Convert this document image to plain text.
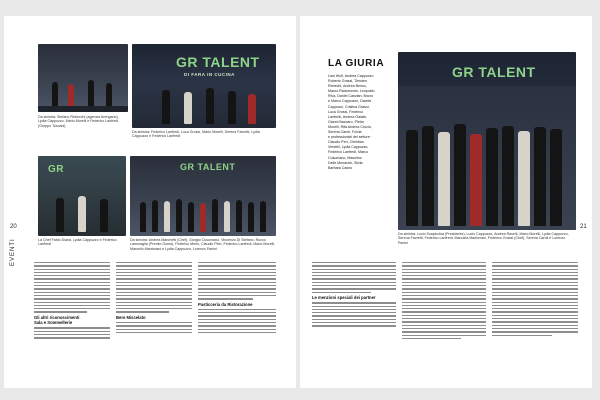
Da sinistra: Stefano Rebecchi (agenzia Arengario), Lydia Cappuzzo, Mario Morelli e Federico Lanfredi (Gruppo Toscani)
GR TALENT
DI FARA IN CUCINA
Da sinistra: Federico Lanfredi, Luca Grossi, Mario Morelli, Serena Favretti, Lydia Cappuzzo e Federico Lanfredi
GR
La Chef Fabio Diana, Lydia Cappuzzo e Federico Lanfredi
GR TALENT
Da sinistra: Andrea Marchetti (Chef), Giorgio Cusumano, Vincenzo Di Stefano, Rocco Lamuraglia (Premio Guest), Federico Merlo, Claudio Pieri, Federico Lanfredi, Mario Morelli, Marcello Mantovani e Lydia Cappuzzo, Lorenzo Panini
20
EVENTI
Gli altri riconoscimenti
Sala e Sommellerie
Bere Miscelato
Pasticceria da Ristorazione
LA GIURIA
Lian Wolf, Andrea Cappuzzo
Roberto Grassi, Timoteo
Rebechi, Andrea Benso,
Mauro Radomonto, Leopoldo
Riva, Daniel Canzian, Bruno
e Marco Cappuzzo, Davide
Cappucci, Cristina Grassi,
Luca Grossi, Federico
Lanfredi, Andrea Galate,
Gianni Baccaro, Pietro
Morelli, Rita Andrea Crucio,
Serena Caroli, Fulvia
e professionisti del settore:
Claudio Peri, Christian
Verdelli, Lydia Cappuzzo,
Federico Lanfredi, Marco
Cusumano, Massimo
Delle Monache, Silvia
Barbara Casiro
GR TALENT
Da sinistra: Lucio Scapicchia (Presidente), Lucio Cappuzzo, Andrea Ravelli, Mario Morelli, Lydia Cappuzzo, Serena Favretti, Federico Lanfredi, Manuela Mantovani, Federico Grassi (Chef), Serena Caroli e Lorenzo Panini
21
Le menzioni speciali dei partner
